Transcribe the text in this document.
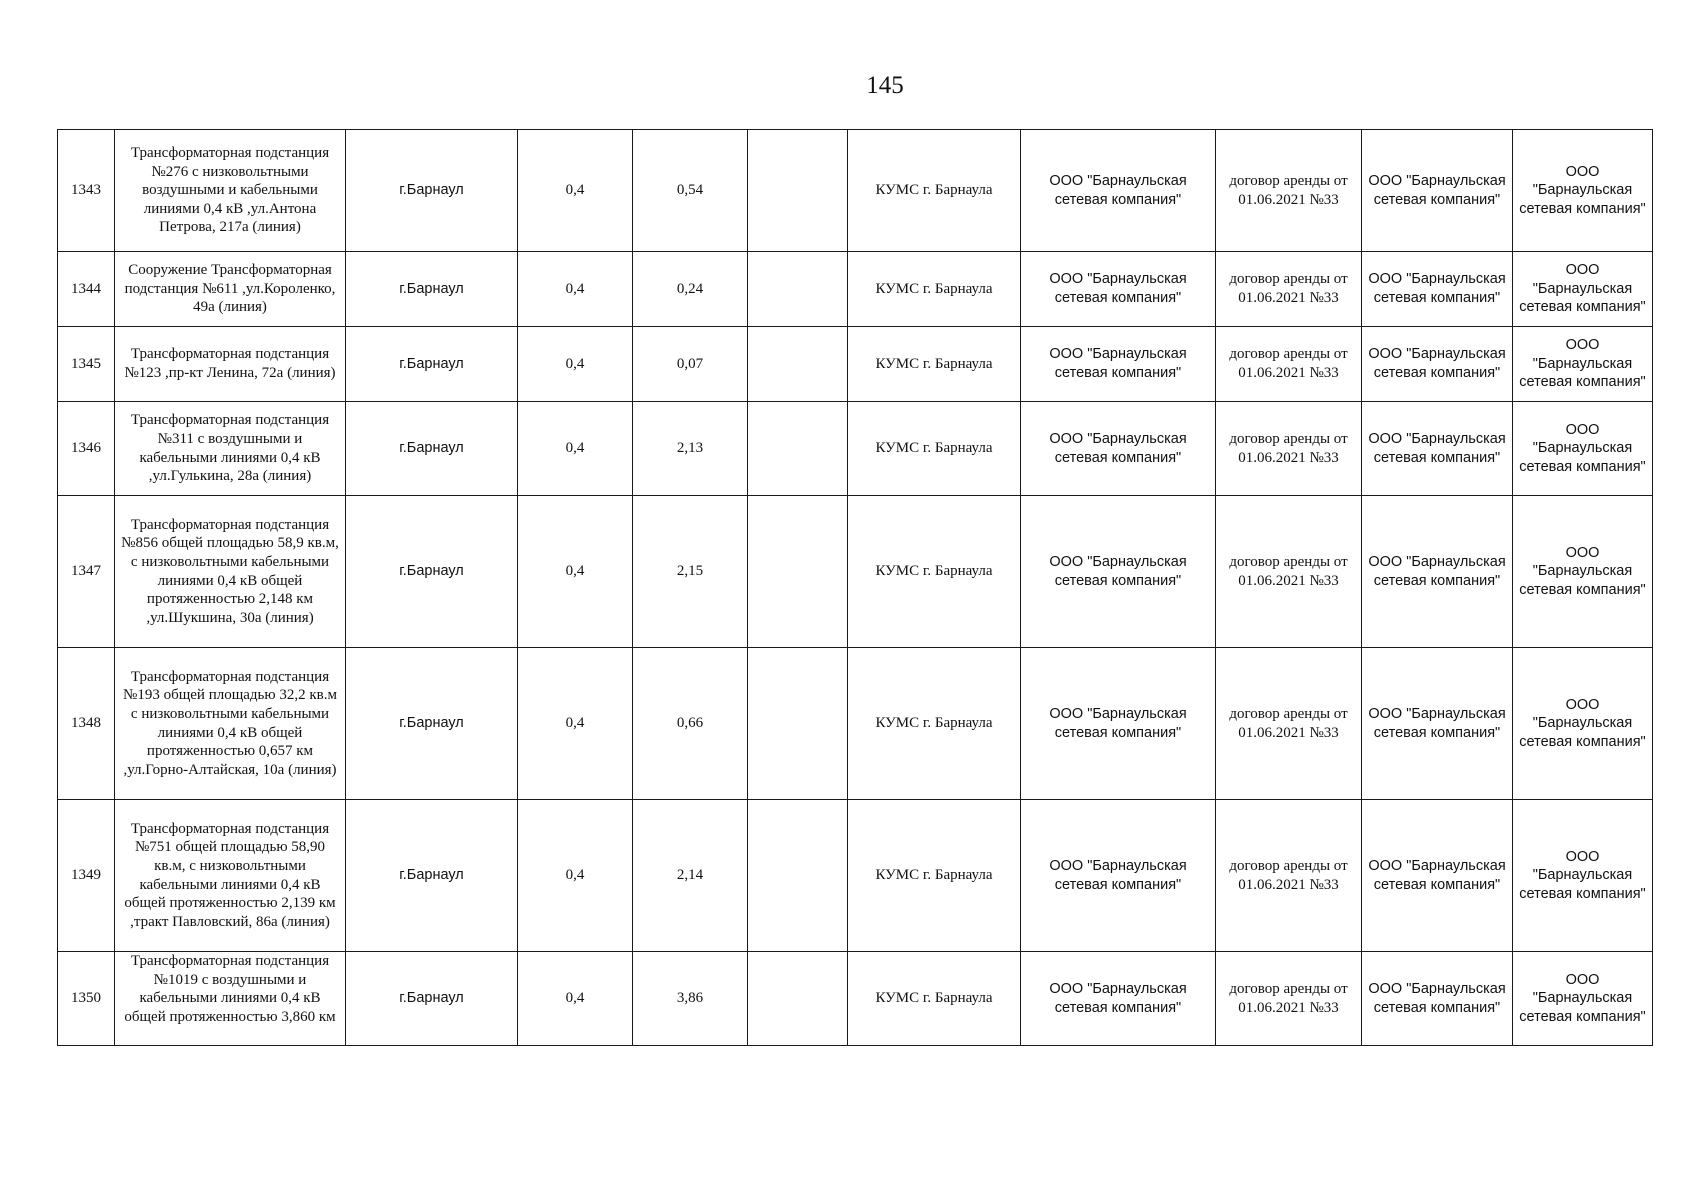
145
1343	Трансформаторная подстанция №276 с низковольтными воздушными и кабельными линиями 0,4 кВ ,ул.Антона Петрова, 217а (линия)	г.Барнаул	0,4	0,54		КУМС г. Барнаула	ООО "Барнаульская сетевая компания"	договор аренды от 01.06.2021 №33	ООО "Барнаульская сетевая компания"	ООО "Барнаульская сетевая компания"
1344	Сооружение Трансформаторная подстанция №611 ,ул.Короленко, 49а (линия)	г.Барнаул	0,4	0,24		КУМС г. Барнаула	ООО "Барнаульская сетевая компания"	договор аренды от 01.06.2021 №33	ООО "Барнаульская сетевая компания"	ООО "Барнаульская сетевая компания"
1345	Трансформаторная подстанция №123 ,пр-кт Ленина, 72а (линия)	г.Барнаул	0,4	0,07		КУМС г. Барнаула	ООО "Барнаульская сетевая компания"	договор аренды от 01.06.2021 №33	ООО "Барнаульская сетевая компания"	ООО "Барнаульская сетевая компания"
1346	Трансформаторная подстанция №311 с воздушными и кабельными линиями 0,4 кВ ,ул.Гулькина, 28а (линия)	г.Барнаул	0,4	2,13		КУМС г. Барнаула	ООО "Барнаульская сетевая компания"	договор аренды от 01.06.2021 №33	ООО "Барнаульская сетевая компания"	ООО "Барнаульская сетевая компания"
1347	Трансформаторная подстанция №856 общей площадью 58,9 кв.м, с низковольтными кабельными линиями 0,4 кВ общей протяженностью 2,148 км ,ул.Шукшина, 30а (линия)	г.Барнаул	0,4	2,15		КУМС г. Барнаула	ООО "Барнаульская сетевая компания"	договор аренды от 01.06.2021 №33	ООО "Барнаульская сетевая компания"	ООО "Барнаульская сетевая компания"
1348	Трансформаторная подстанция №193 общей площадью 32,2 кв.м с низковольтными кабельными линиями 0,4 кВ общей протяженностью 0,657 км ,ул.Горно-Алтайская, 10а (линия)	г.Барнаул	0,4	0,66		КУМС г. Барнаула	ООО "Барнаульская сетевая компания"	договор аренды от 01.06.2021 №33	ООО "Барнаульская сетевая компания"	ООО "Барнаульская сетевая компания"
1349	Трансформаторная подстанция №751 общей площадью 58,90 кв.м, с низковольтными кабельными линиями 0,4 кВ общей протяженностью 2,139 км ,тракт Павловский, 86а (линия)	г.Барнаул	0,4	2,14		КУМС г. Барнаула	ООО "Барнаульская сетевая компания"	договор аренды от 01.06.2021 №33	ООО "Барнаульская сетевая компания"	ООО "Барнаульская сетевая компания"
1350	Трансформаторная подстанция №1019 с воздушными и кабельными линиями 0,4 кВ общей протяженностью 3,860 км	г.Барнаул	0,4	3,86		КУМС г. Барнаула	ООО "Барнаульская сетевая компания"	договор аренды от 01.06.2021 №33	ООО "Барнаульская сетевая компания"	ООО "Барнаульская сетевая компания"
